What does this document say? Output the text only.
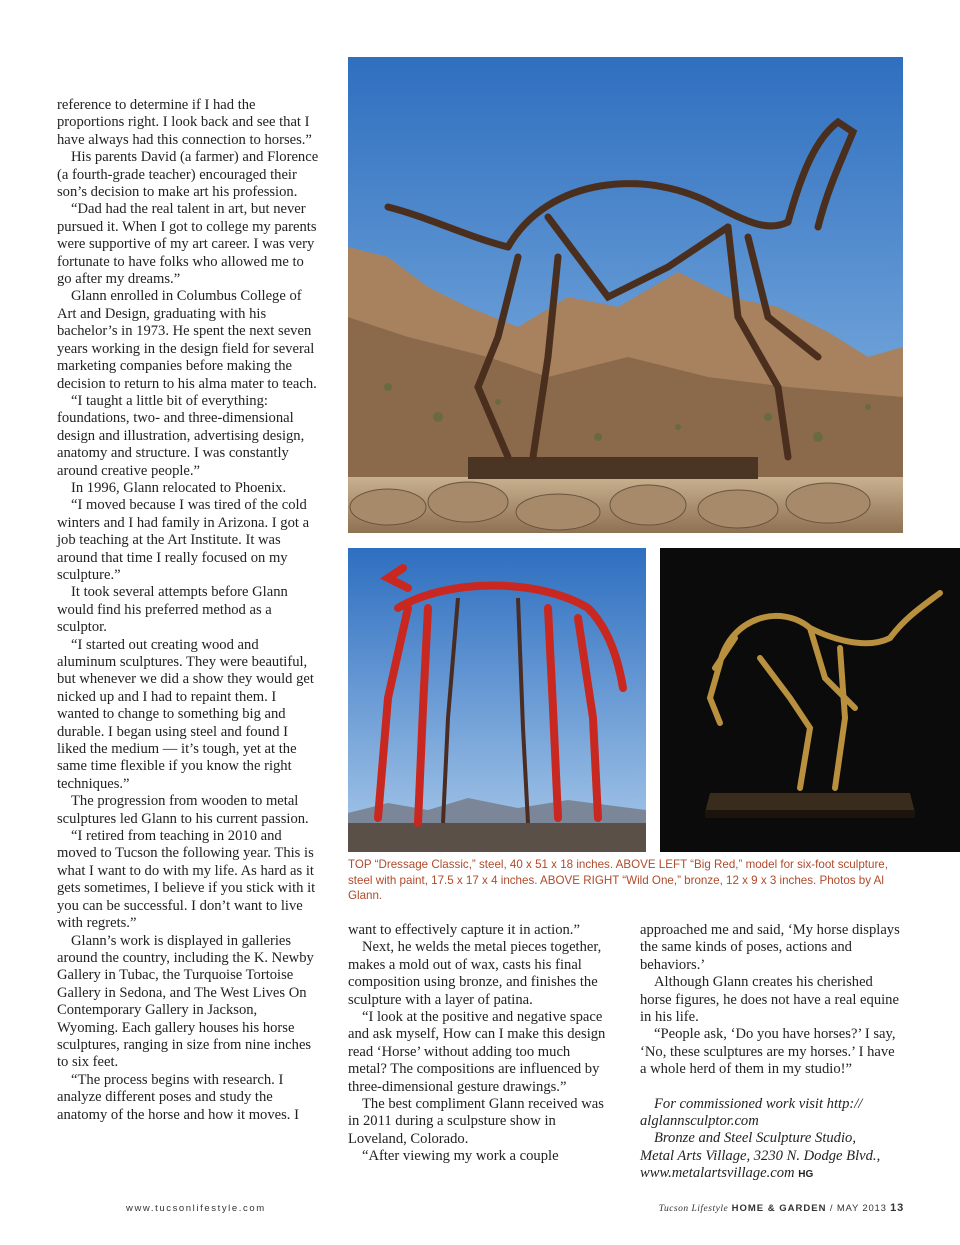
reference to determine if I had the proportions right. I look back and see that I have always had this connection to horses.”

His parents David (a farmer) and Florence (a fourth-grade teacher) encouraged their son’s decision to make art his profession.

“Dad had the real talent in art, but never pursued it. When I got to college my parents were supportive of my art career. I was very fortunate to have folks who allowed me to go after my dreams.”

Glann enrolled in Columbus College of Art and Design, graduating with his bachelor’s in 1973. He spent the next seven years working in the design field for several marketing companies before making the decision to return to his alma mater to teach.

“I taught a little bit of everything: foundations, two- and three-dimensional design and illustration, advertising design, anatomy and structure. I was constantly around creative people.”

In 1996, Glann relocated to Phoenix.

“I moved because I was tired of the cold winters and I had family in Arizona. I got a job teaching at the Art Institute. It was around that time I really focused on my sculpture.”

It took several attempts before Glann would find his preferred method as a sculptor.

“I started out creating wood and aluminum sculptures. They were beautiful, but whenever we did a show they would get nicked up and I had to repaint them. I wanted to change to something big and durable. I began using steel and found I liked the medium — it’s tough, yet at the same time flexible if you know the right techniques.”

The progression from wooden to metal sculptures led Glann to his current passion.

“I retired from teaching in 2010 and moved to Tucson the following year. This is what I want to do with my life. As hard as it gets sometimes, I believe if you stick with it you can be successful. I don’t want to live with regrets.”

Glann’s work is displayed in galleries around the country, including the K. Newby Gallery in Tubac, the Turquoise Tortoise Gallery in Sedona, and The West Lives On Contemporary Gallery in Jackson, Wyoming. Each gallery houses his horse sculptures, ranging in size from nine inches to six feet.

“The process begins with research. I analyze different poses and study the anatomy of the horse and how it moves. I

TOP “Dressage Classic,” steel, 40 x 51 x 18 inches. ABOVE LEFT “Big Red,” model for six-foot sculpture, steel with paint, 17.5 x 17 x 4 inches. ABOVE RIGHT “Wild One,” bronze, 12 x 9 x 3 inches. Photos by Al Glann.

want to effectively capture it in action.”

Next, he welds the metal pieces together, makes a mold out of wax, casts his final composition using bronze, and finishes the sculpture with a layer of patina.

“I look at the positive and negative space and ask myself, How can I make this design read ‘Horse’ without adding too much metal? The compositions are influenced by three-dimensional gesture drawings.”

The best compliment Glann received was in 2011 during a sculpsture show in Loveland, Colorado.

“After viewing my work a couple

approached me and said, ‘My horse displays the same kinds of poses, actions and behaviors.’

Although Glann creates his cherished horse figures, he does not have a real equine in his life.

“People ask, ‘Do you have horses?’ I say, ‘No, these sculptures are my horses.’ I have a whole herd of them in my studio!”

For commissioned work visit http://
alglannsculptor.com
Bronze and Steel Sculpture Studio,
Metal Arts Village, 3230 N. Dodge Blvd.,
www.metalartsvillage.com HG
www.tucsonlifestyle.com	Tucson Lifestyle HOME & GARDEN / MAY 2013 13
